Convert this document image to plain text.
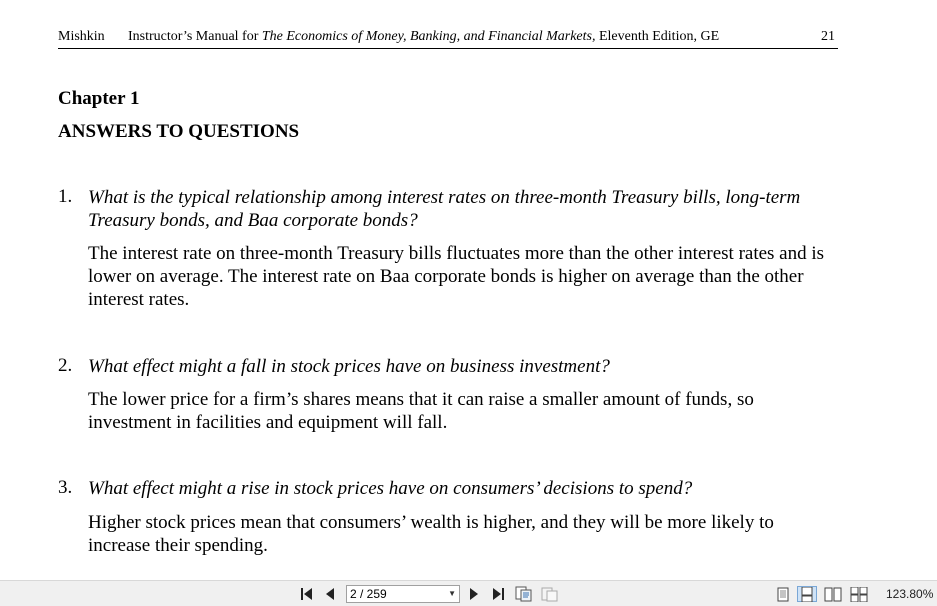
Mishkin Instructor’s Manual for The Economics of Money, Banking, and Financial Markets, Eleventh Edition, GE	21
Chapter 1
ANSWERS TO QUESTIONS
1. What is the typical relationship among interest rates on three-month Treasury bills, long-term Treasury bonds, and Baa corporate bonds?
The interest rate on three-month Treasury bills fluctuates more than the other interest rates and is lower on average. The interest rate on Baa corporate bonds is higher on average than the other interest rates.
2. What effect might a fall in stock prices have on business investment?
The lower price for a firm’s shares means that it can raise a smaller amount of funds, so investment in facilities and equipment will fall.
3. What effect might a rise in stock prices have on consumers’ decisions to spend?
Higher stock prices mean that consumers’ wealth is higher, and they will be more likely to increase their spending.
2 / 259	▼	123.80%
